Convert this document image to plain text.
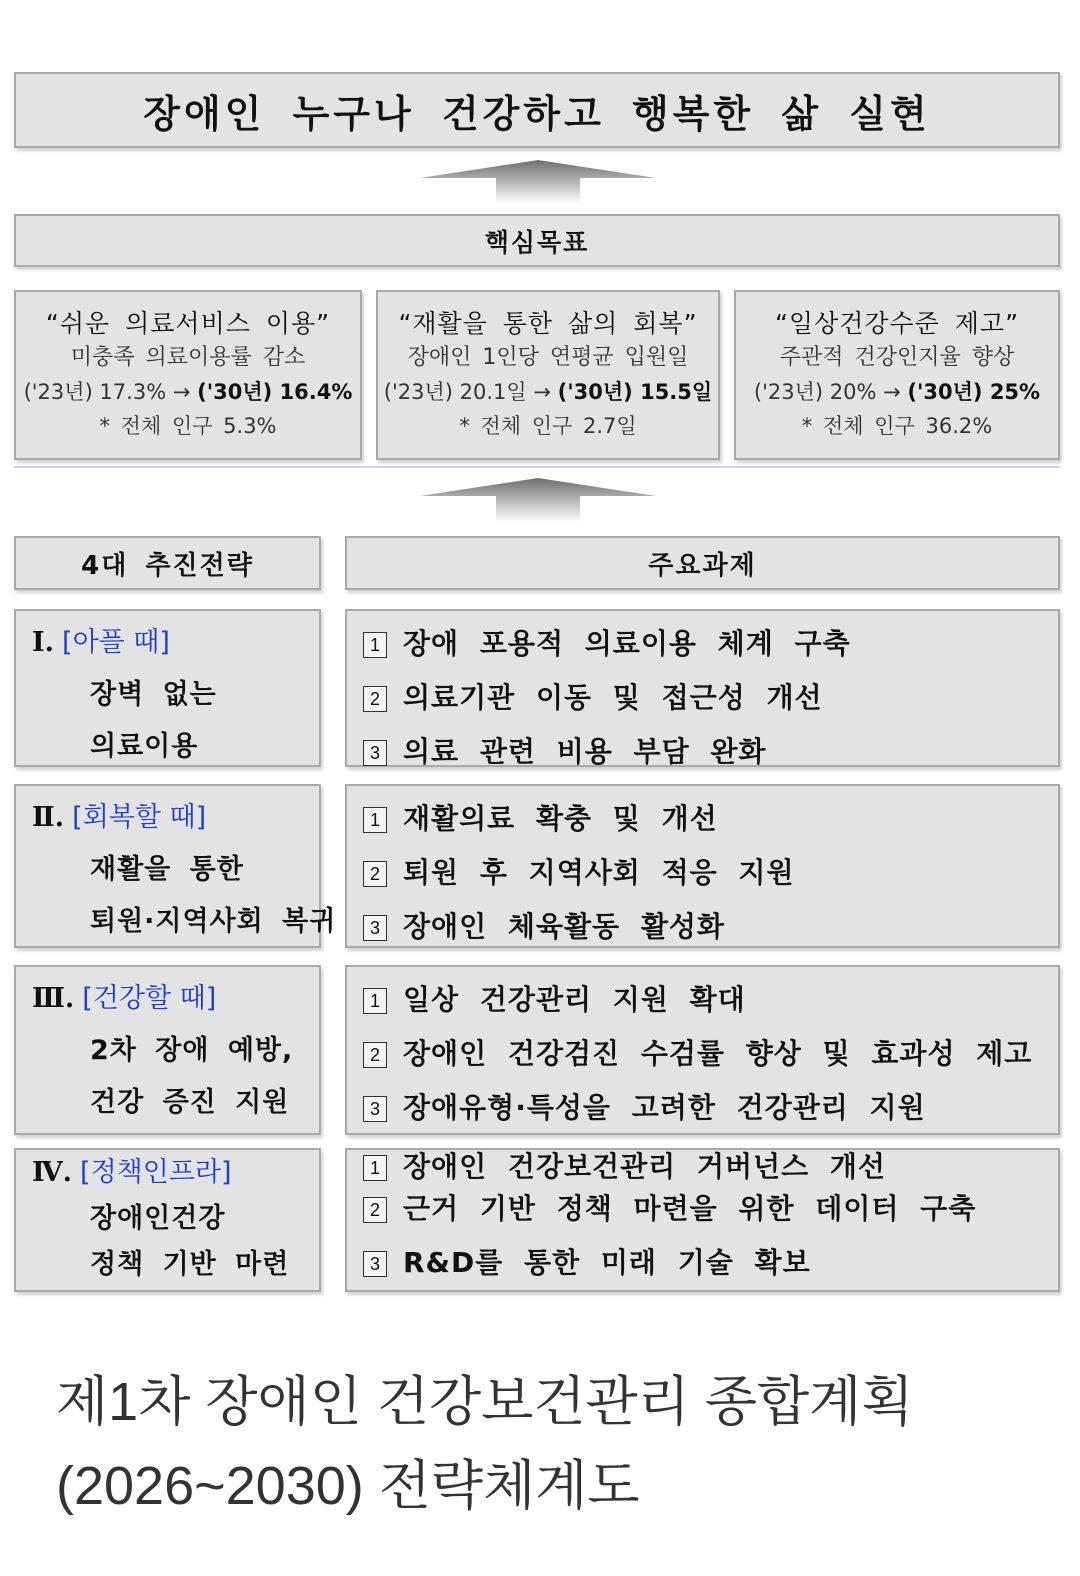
장애인 누구나 건강하고 행복한 삶 실현
핵심목표
“쉬운 의료서비스 이용”
미충족 의료이용률 감소
('23년) 17.3% → ('30년) 16.4%
* 전체 인구 5.3%
“재활을 통한 삶의 회복”
장애인 1인당 연평균 입원일
('23년) 20.1일 → ('30년) 15.5일
* 전체 인구 2.7일
“일상건강수준 제고”
주관적 건강인지율 향상
('23년) 20% → ('30년) 25%
* 전체 인구 36.2%
4대 추진전략	주요과제
Ⅰ. [아플 때]
장벽 없는
의료이용
1 장애 포용적 의료이용 체계 구축
2 의료기관 이동 및 접근성 개선
3 의료 관련 비용 부담 완화
Ⅱ. [회복할 때]
재활을 통한
퇴원·지역사회 복귀
1 재활의료 확충 및 개선
2 퇴원 후 지역사회 적응 지원
3 장애인 체육활동 활성화
Ⅲ. [건강할 때]
2차 장애 예방,
건강 증진 지원
1 일상 건강관리 지원 확대
2 장애인 건강검진 수검률 향상 및 효과성 제고
3 장애유형·특성을 고려한 건강관리 지원
Ⅳ. [정책인프라]
장애인건강
정책 기반 마련
1 장애인 건강보건관리 거버넌스 개선
2 근거 기반 정책 마련을 위한 데이터 구축
3 R&D를 통한 미래 기술 확보
제1차 장애인 건강보건관리 종합계획
(2026~2030) 전략체계도
